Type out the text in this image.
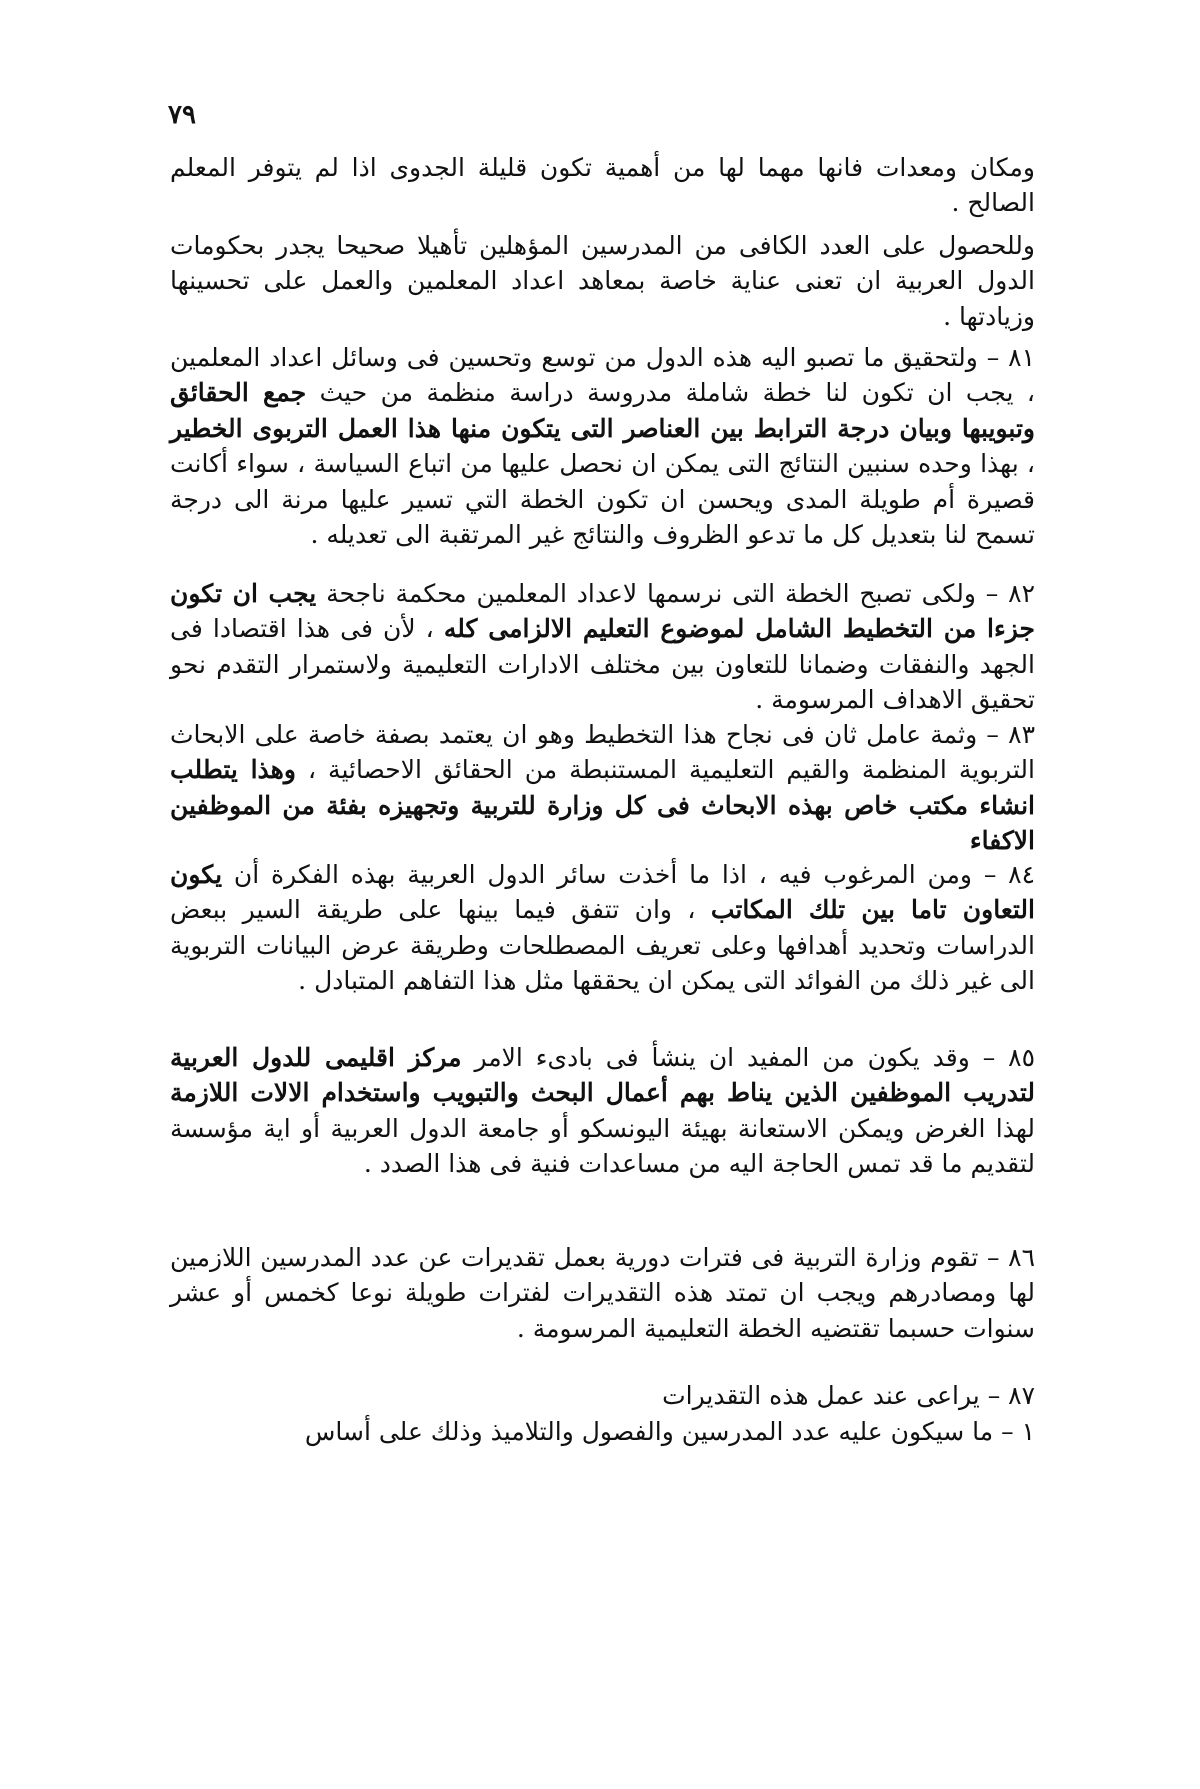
٧٩

ومكان ومعدات فانها مهما لها من أهمية تكون قليلة الجدوى اذا لم يتوفر المعلم الصالح .

وللحصول على العدد الكافى من المدرسين المؤهلين تأهيلا صحيحا يجدر بحكومات الدول العربية ان تعنى عناية خاصة بمعاهد اعداد المعلمين والعمل على تحسينها وزيادتها .

٨١ – ولتحقيق ما تصبو اليه هذه الدول من توسع وتحسين فى وسائل اعداد المعلمين ، يجب ان تكون لنا خطة شاملة مدروسة دراسة منظمة من حيث جمع الحقائق وتبويبها وبيان درجة الترابط بين العناصر التى يتكون منها هذا العمل التربوى الخطير ، بهذا وحده سنبين النتائج التى يمكن ان نحصل عليها من اتباع السياسة ، سواء أكانت قصيرة أم طويلة المدى ويحسن ان تكون الخطة التي تسير عليها مرنة الى درجة تسمح لنا بتعديل كل ما تدعو الظروف والنتائج غير المرتقبة الى تعديله .

٨٢ – ولكى تصبح الخطة التى نرسمها لاعداد المعلمين محكمة ناجحة يجب ان تكون جزءا من التخطيط الشامل لموضوع التعليم الالزامى كله ، لأن فى هذا اقتصادا فى الجهد والنفقات وضمانا للتعاون بين مختلف الادارات التعليمية ولاستمرار التقدم نحو تحقيق الاهداف المرسومة .

٨٣ – وثمة عامل ثان فى نجاح هذا التخطيط وهو ان يعتمد بصفة خاصة على الابحاث التربوية المنظمة والقيم التعليمية المستنبطة من الحقائق الاحصائية ، وهذا يتطلب انشاء مكتب خاص بهذه الابحاث فى كل وزارة للتربية وتجهيزه بفئة من الموظفين الاكفاء

٨٤ – ومن المرغوب فيه ، اذا ما أخذت سائر الدول العربية بهذه الفكرة أن يكون التعاون تاما بين تلك المكاتب ، وان تتفق فيما بينها على طريقة السير ببعض الدراسات وتحديد أهدافها وعلى تعريف المصطلحات وطريقة عرض البيانات التربوية الى غير ذلك من الفوائد التى يمكن ان يحققها مثل هذا التفاهم المتبادل .

٨٥ – وقد يكون من المفيد ان ينشأ فى بادىء الامر مركز اقليمى للدول العربية لتدريب الموظفين الذين يناط بهم أعمال البحث والتبويب واستخدام الالات اللازمة لهذا الغرض ويمكن الاستعانة بهيئة اليونسكو أو جامعة الدول العربية أو اية مؤسسة لتقديم ما قد تمس الحاجة اليه من مساعدات فنية فى هذا الصدد .

٨٦ – تقوم وزارة التربية فى فترات دورية بعمل تقديرات عن عدد المدرسين اللازمين لها ومصادرهم ويجب ان تمتد هذه التقديرات لفترات طويلة نوعا كخمس أو عشر سنوات حسبما تقتضيه الخطة التعليمية المرسومة .

٨٧ – يراعى عند عمل هذه التقديرات

١ – ما سيكون عليه عدد المدرسين والفصول والتلاميذ وذلك على أساس
